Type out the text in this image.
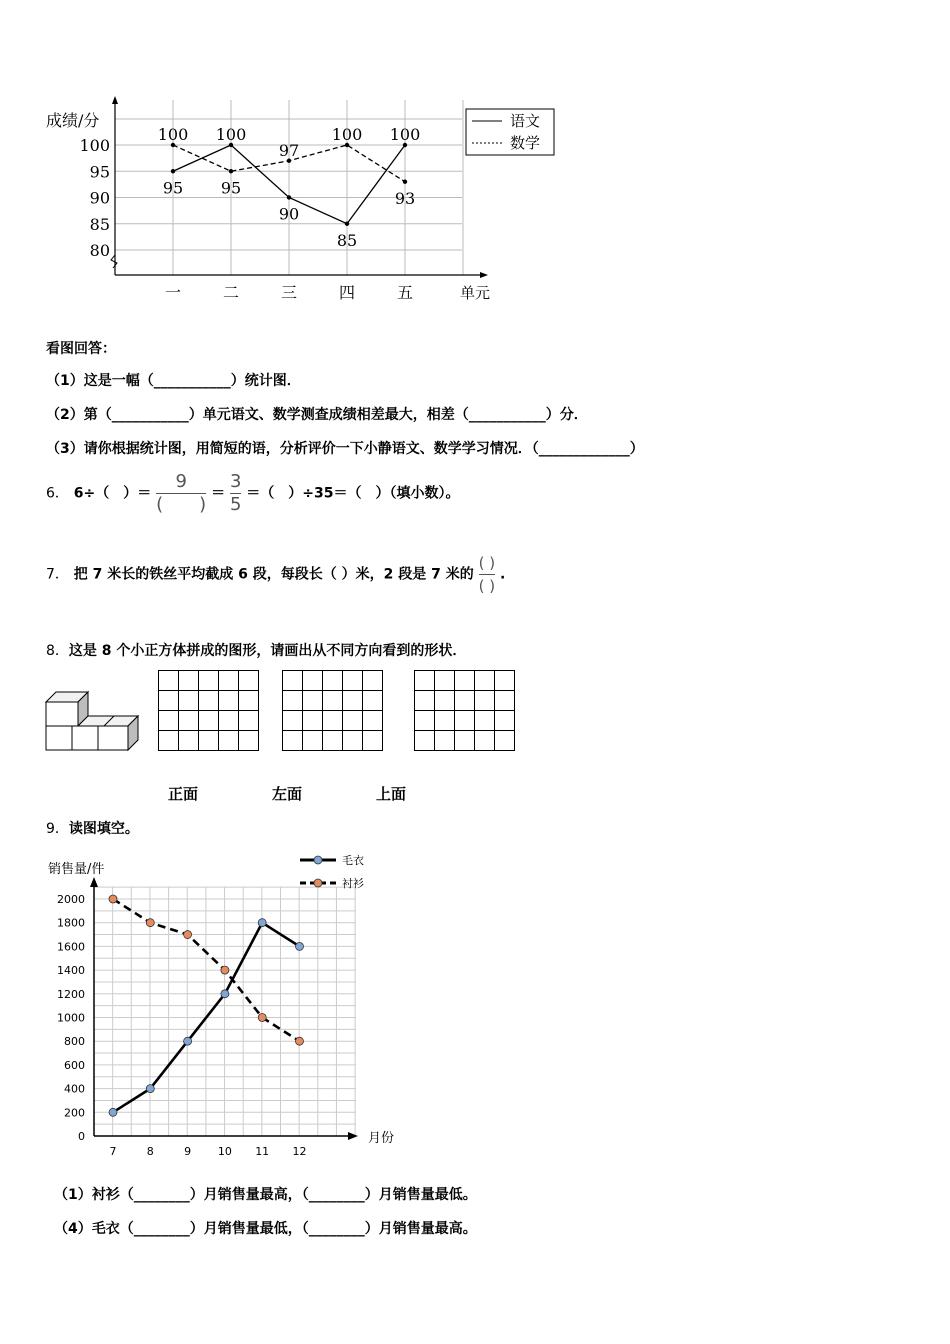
成绩/分
单元
100
95
90
85
80
一	二	三	四	五
95
100
90
85
100
100
95
97
100
93
语文
数学
看图回答：
（1）这是一幅（___________）统计图．
（2）第（___________）单元语文、数学测查成绩相差最大，相差（___________）分．
（3）请你根据统计图，用简短的语，分析评价一下小静语文、数学学习情况．（_____________）
6． 6÷（　）＝ $\frac{9}{( )} = \frac{3}{5}$ ＝（　）÷35＝（　）（填小数）。
7． 把 7 米长的铁丝平均截成 6 段，每段长（ ）米，2 段是 7 米的 $\frac{( )}{( )}$ .
8．这是 8 个小正方体拼成的图形，请画出从不同方向看到的形状．

正面	左面	上面
9．读图填空。
销售量/件
月份
0
200
400
600
800
1000
1200
1400
1600
1800
2000
7	8	9 10 11 12
毛衣
衬衫
（1）衬衫（________）月销售量最高，（________）月销售量最低。
（4）毛衣（________）月销售量最低，（________）月销售量最高。
